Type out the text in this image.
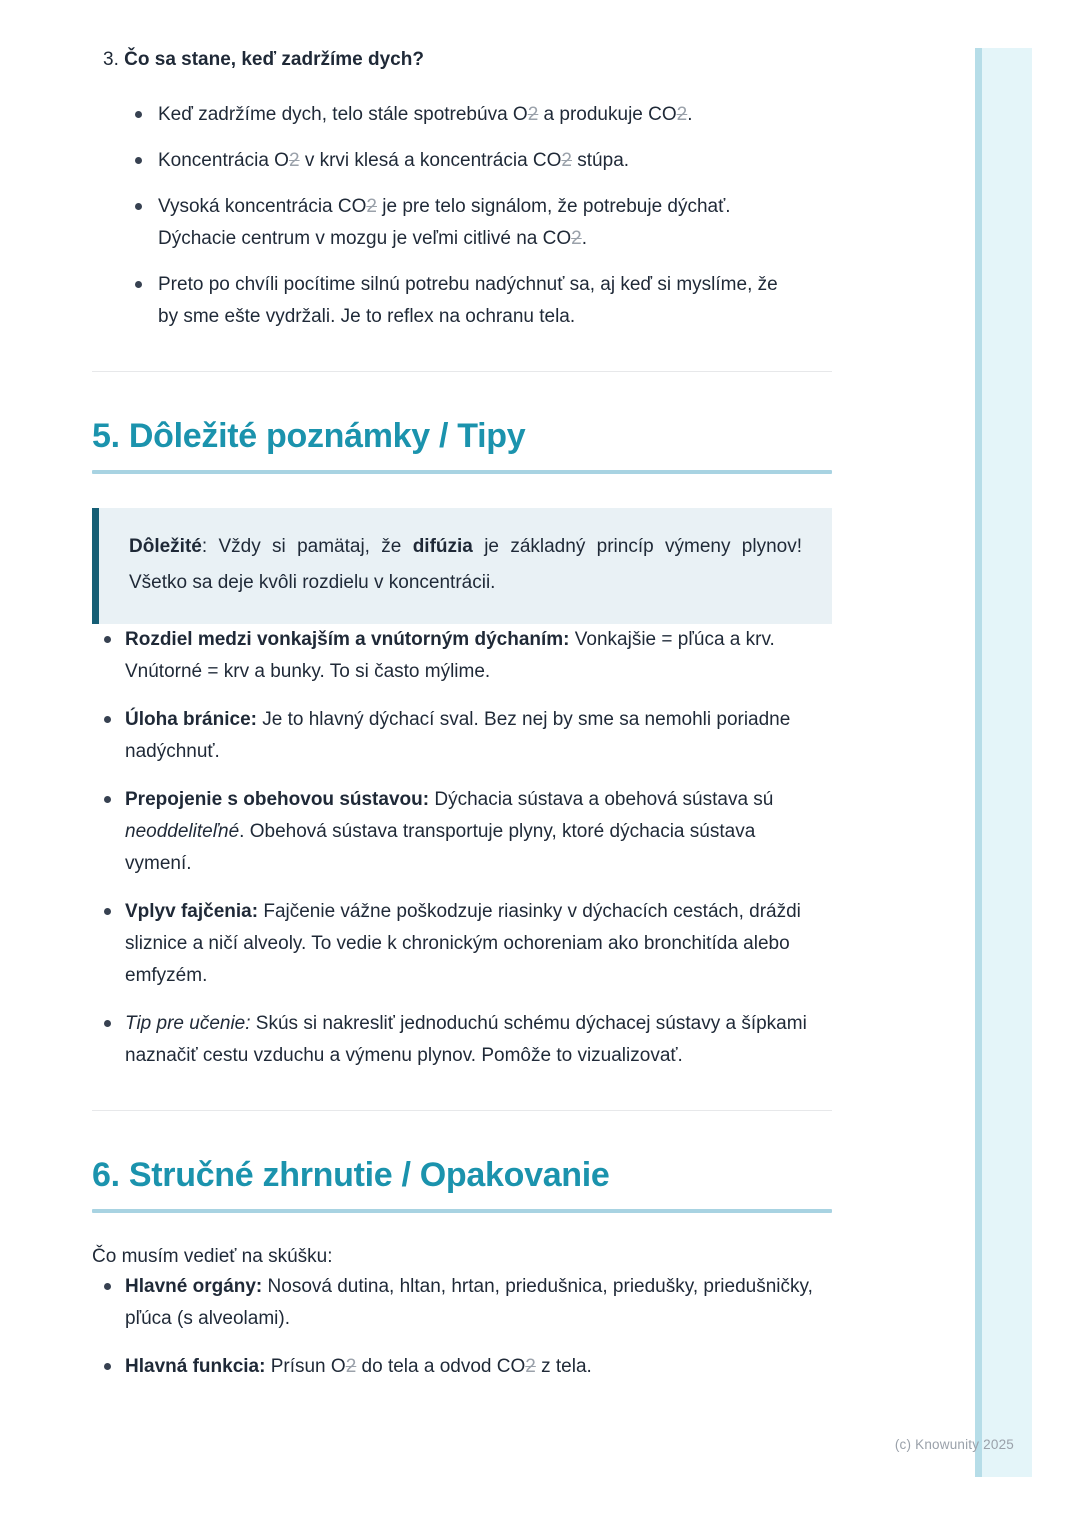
3. Čo sa stane, keď zadržíme dych?
Keď zadržíme dych, telo stále spotrebúva O2 a produkuje CO2.
Koncentrácia O2 v krvi klesá a koncentrácia CO2 stúpa.
Vysoká koncentrácia CO2 je pre telo signálom, že potrebuje dýchať. Dýchacie centrum v mozgu je veľmi citlivé na CO2.
Preto po chvíli pocítime silnú potrebu nadýchnuť sa, aj keď si myslíme, že by sme ešte vydržali. Je to reflex na ochranu tela.
5. Dôležité poznámky / Tipy

Dôležité: Vždy si pamätaj, že difúzia je základný princíp výmeny plynov! Všetko sa deje kvôli rozdielu v koncentrácii.

Rozdiel medzi vonkajším a vnútorným dýchaním: Vonkajšie = pľúca a krv. Vnútorné = krv a bunky. To si často mýlime.
Úloha bránice: Je to hlavný dýchací sval. Bez nej by sme sa nemohli poriadne nadýchnuť.
Prepojenie s obehovou sústavou: Dýchacia sústava a obehová sústava sú neoddeliteľné. Obehová sústava transportuje plyny, ktoré dýchacia sústava vymení.
Vplyv fajčenia: Fajčenie vážne poškodzuje riasinky v dýchacích cestách, dráždi sliznice a ničí alveoly. To vedie k chronickým ochoreniam ako bronchitída alebo emfyzém.
Tip pre učenie: Skús si nakresliť jednoduchú schému dýchacej sústavy a šípkami naznačiť cestu vzduchu a výmenu plynov. Pomôže to vizualizovať.
6. Stručné zhrnutie / Opakovanie

Čo musím vedieť na skúšku:

Hlavné orgány: Nosová dutina, hltan, hrtan, priedušnica, priedušky, priedušničky, pľúca (s alveolami).
Hlavná funkcia: Prísun O2 do tela a odvod CO2 z tela.
(c) Knowunity 2025
